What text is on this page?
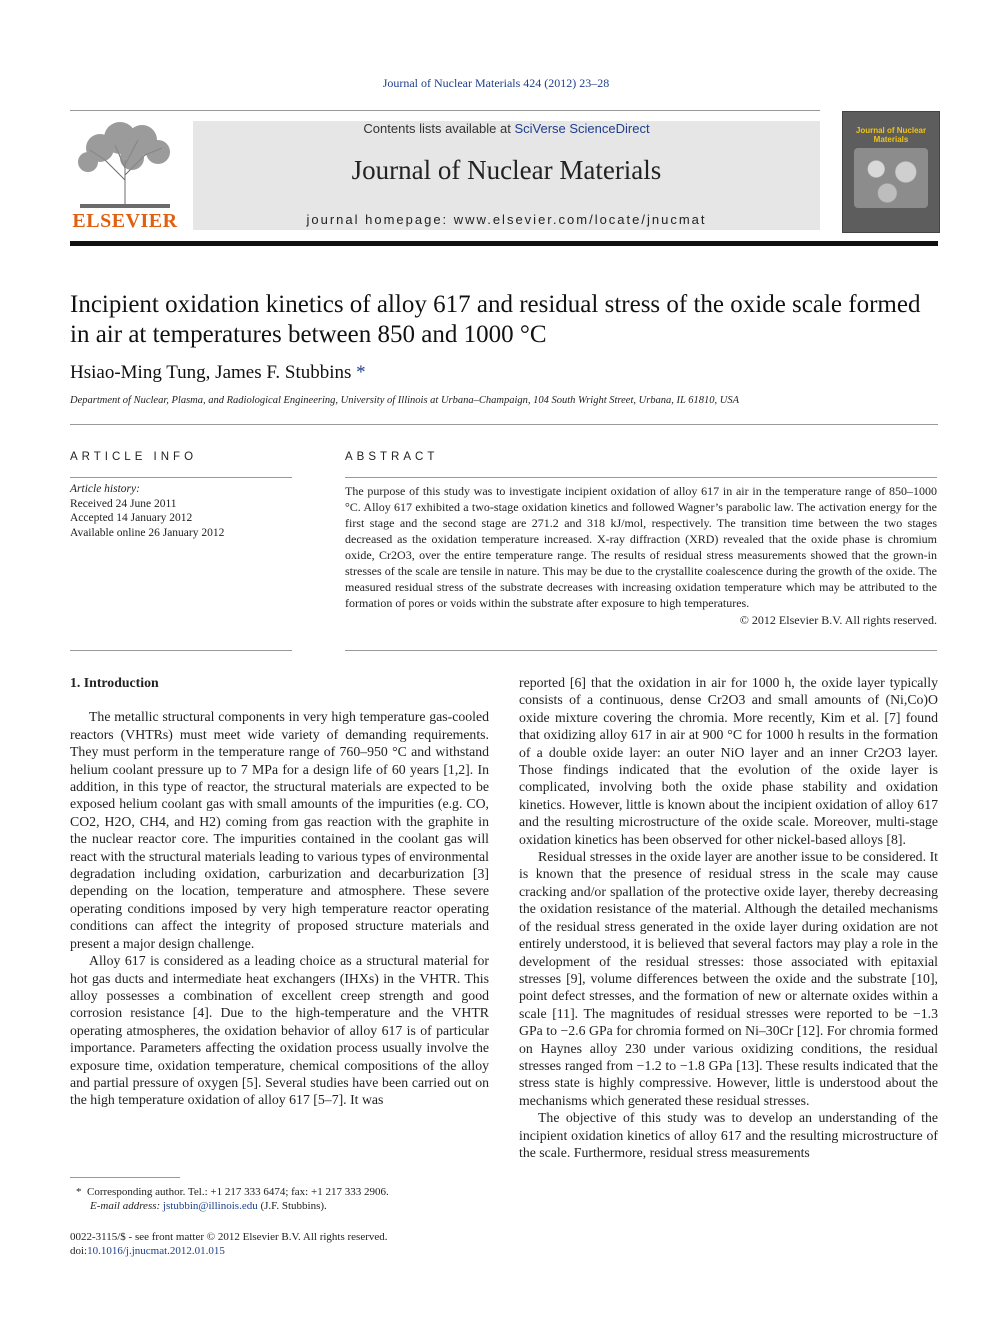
Journal of Nuclear Materials 424 (2012) 23–28
ELSEVIER
Contents lists available at SciVerse ScienceDirect
Journal of Nuclear Materials
journal homepage: www.elsevier.com/locate/jnucmat
Journal of Nuclear Materials
Incipient oxidation kinetics of alloy 617 and residual stress of the oxide scale formed in air at temperatures between 850 and 1000 °C
Hsiao-Ming Tung, James F. Stubbins *
Department of Nuclear, Plasma, and Radiological Engineering, University of Illinois at Urbana–Champaign, 104 South Wright Street, Urbana, IL 61810, USA
ARTICLE INFO
Article history:
Received 24 June 2011
Accepted 14 January 2012
Available online 26 January 2012
ABSTRACT
The purpose of this study was to investigate incipient oxidation of alloy 617 in air in the temperature range of 850–1000 °C. Alloy 617 exhibited a two-stage oxidation kinetics and followed Wagner’s parabolic law. The activation energy for the first stage and the second stage are 271.2 and 318 kJ/mol, respectively. The transition time between the two stages decreased as the oxidation temperature increased. X-ray diffraction (XRD) revealed that the oxide phase is chromium oxide, Cr2O3, over the entire temperature range. The results of residual stress measurements showed that the grown-in stresses of the scale are tensile in nature. This may be due to the crystallite coalescence during the growth of the oxide. The measured residual stress of the substrate decreases with increasing oxidation temperature which may be attributed to the formation of pores or voids within the substrate after exposure to high temperatures.
© 2012 Elsevier B.V. All rights reserved.
1. Introduction

The metallic structural components in very high temperature gas-cooled reactors (VHTRs) must meet wide variety of demanding requirements. They must perform in the temperature range of 760–950 °C and withstand helium coolant pressure up to 7 MPa for a design life of 60 years [1,2]. In addition, in this type of reactor, the structural materials are expected to be exposed helium coolant gas with small amounts of the impurities (e.g. CO, CO2, H2O, CH4, and H2) coming from gas reaction with the graphite in the nuclear reactor core. The impurities contained in the coolant gas will react with the structural materials leading to various types of environmental degradation including oxidation, carburization and decarburization [3] depending on the location, temperature and atmosphere. These severe operating conditions imposed by very high temperature reactor operating conditions can affect the integrity of proposed structure materials and present a major design challenge.

Alloy 617 is considered as a leading choice as a structural material for hot gas ducts and intermediate heat exchangers (IHXs) in the VHTR. This alloy possesses a combination of excellent creep strength and good corrosion resistance [4]. Due to the high-temperature and the VHTR operating atmospheres, the oxidation behavior of alloy 617 is of particular importance. Parameters affecting the oxidation process usually involve the exposure time, oxidation temperature, chemical compositions of the alloy and partial pressure of oxygen [5]. Several studies have been carried out on the high temperature oxidation of alloy 617 [5–7]. It was

reported [6] that the oxidation in air for 1000 h, the oxide layer typically consists of a continuous, dense Cr2O3 and small amounts of (Ni,Co)O oxide mixture covering the chromia. More recently, Kim et al. [7] found that oxidizing alloy 617 in air at 900 °C for 1000 h results in the formation of a double oxide layer: an outer NiO layer and an inner Cr2O3 layer. Those findings indicated that the evolution of the oxide layer is complicated, involving both the oxide phase stability and oxidation kinetics. However, little is known about the incipient oxidation of alloy 617 and the resulting microstructure of the oxide scale. Moreover, multi-stage oxidation kinetics has been observed for other nickel-based alloys [8].

Residual stresses in the oxide layer are another issue to be considered. It is known that the presence of residual stress in the scale may cause cracking and/or spallation of the protective oxide layer, thereby decreasing the oxidation resistance of the material. Although the detailed mechanisms of the residual stress generated in the oxide layer during oxidation are not entirely understood, it is believed that several factors may play a role in the development of the residual stresses: those associated with epitaxial stresses [9], volume differences between the oxide and the substrate [10], point defect stresses, and the formation of new or alternate oxides within a scale [11]. The magnitudes of residual stresses were reported to be −1.3 GPa to −2.6 GPa for chromia formed on Ni–30Cr [12]. For chromia formed on Haynes alloy 230 under various oxidizing conditions, the residual stresses ranged from −1.2 to −1.8 GPa [13]. These results indicated that the stress state is highly compressive. However, little is understood about the mechanisms which generated these residual stresses.

The objective of this study was to develop an understanding of the incipient oxidation kinetics of alloy 617 and the resulting microstructure of the scale. Furthermore, residual stress measurements

* Corresponding author. Tel.: +1 217 333 6474; fax: +1 217 333 2906.
E-mail address: jstubbin@illinois.edu (J.F. Stubbins).
0022-3115/$ - see front matter © 2012 Elsevier B.V. All rights reserved.
doi:10.1016/j.jnucmat.2012.01.015
